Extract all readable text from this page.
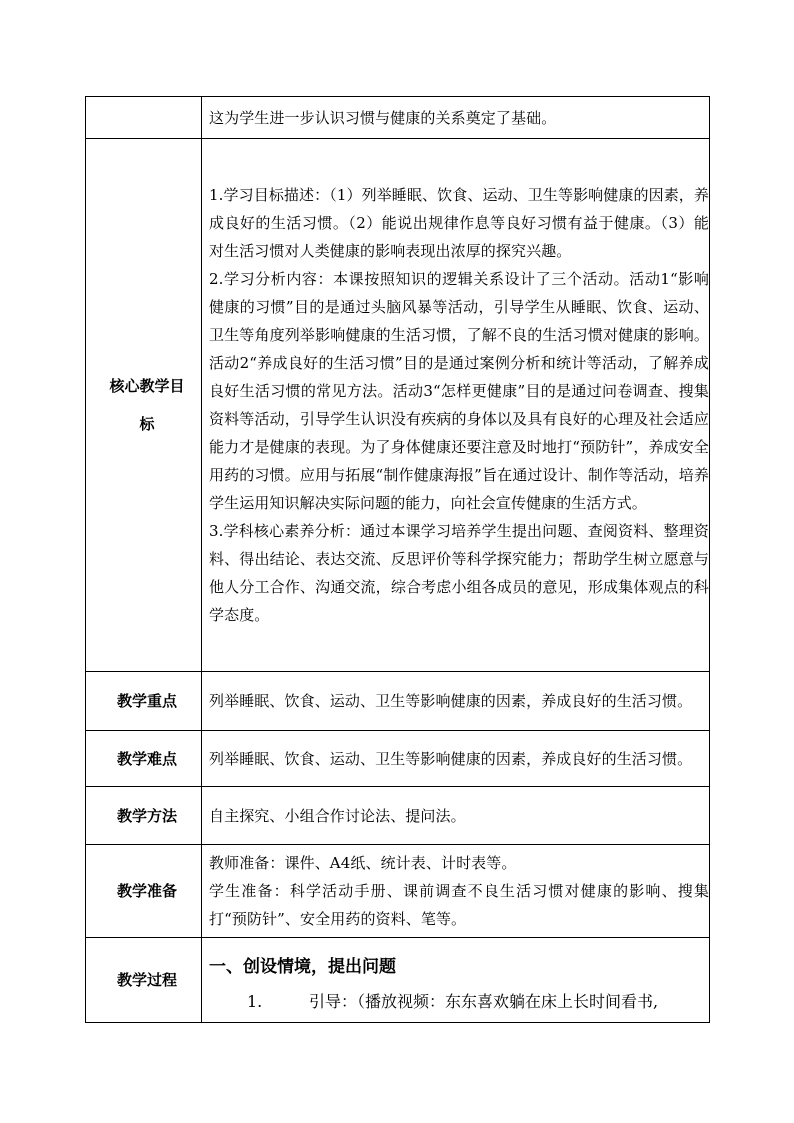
	这为学生进一步认识习惯与健康的关系奠定了基础。

核心教学目标	1.学习目标描述：（1）列举睡眠、饮食、运动、卫生等影响健康的因素，养成良好的生活习惯。（2）能说出规律作息等良好习惯有益于健康。（3）能对生活习惯对人类健康的影响表现出浓厚的探究兴趣。
2.学习分析内容：本课按照知识的逻辑关系设计了三个活动。活动1“影响健康的习惯”目的是通过头脑风暴等活动，引导学生从睡眠、饮食、运动、卫生等角度列举影响健康的生活习惯，了解不良的生活习惯对健康的影响。活动2“养成良好的生活习惯”目的是通过案例分析和统计等活动，了解养成良好生活习惯的常见方法。活动3“怎样更健康”目的是通过问卷调查、搜集资料等活动，引导学生认识没有疾病的身体以及具有良好的心理及社会适应能力才是健康的表现。为了身体健康还要注意及时地打“预防针”，养成安全用药的习惯。应用与拓展“制作健康海报”旨在通过设计、制作等活动，培养学生运用知识解决实际问题的能力，向社会宣传健康的生活方式。
3.学科核心素养分析：通过本课学习培养学生提出问题、查阅资料、整理资料、得出结论、表达交流、反思评价等科学探究能力；帮助学生树立愿意与他人分工合作、沟通交流，综合考虑小组各成员的意见，形成集体观点的科学态度。

教学重点	列举睡眠、饮食、运动、卫生等影响健康的因素，养成良好的生活习惯。

教学难点	列举睡眠、饮食、运动、卫生等影响健康的因素，养成良好的生活习惯。

教学方法	自主探究、小组合作讨论法、提问法。

教学准备	教师准备：课件、A4纸、统计表、计时表等。
学生准备：科学活动手册、课前调查不良生活习惯对健康的影响、搜集打“预防针”、安全用药的资料、笔等。

教学过程	一、创设情境，提出问题
1. 引导：（播放视频：东东喜欢躺在床上长时间看书,
